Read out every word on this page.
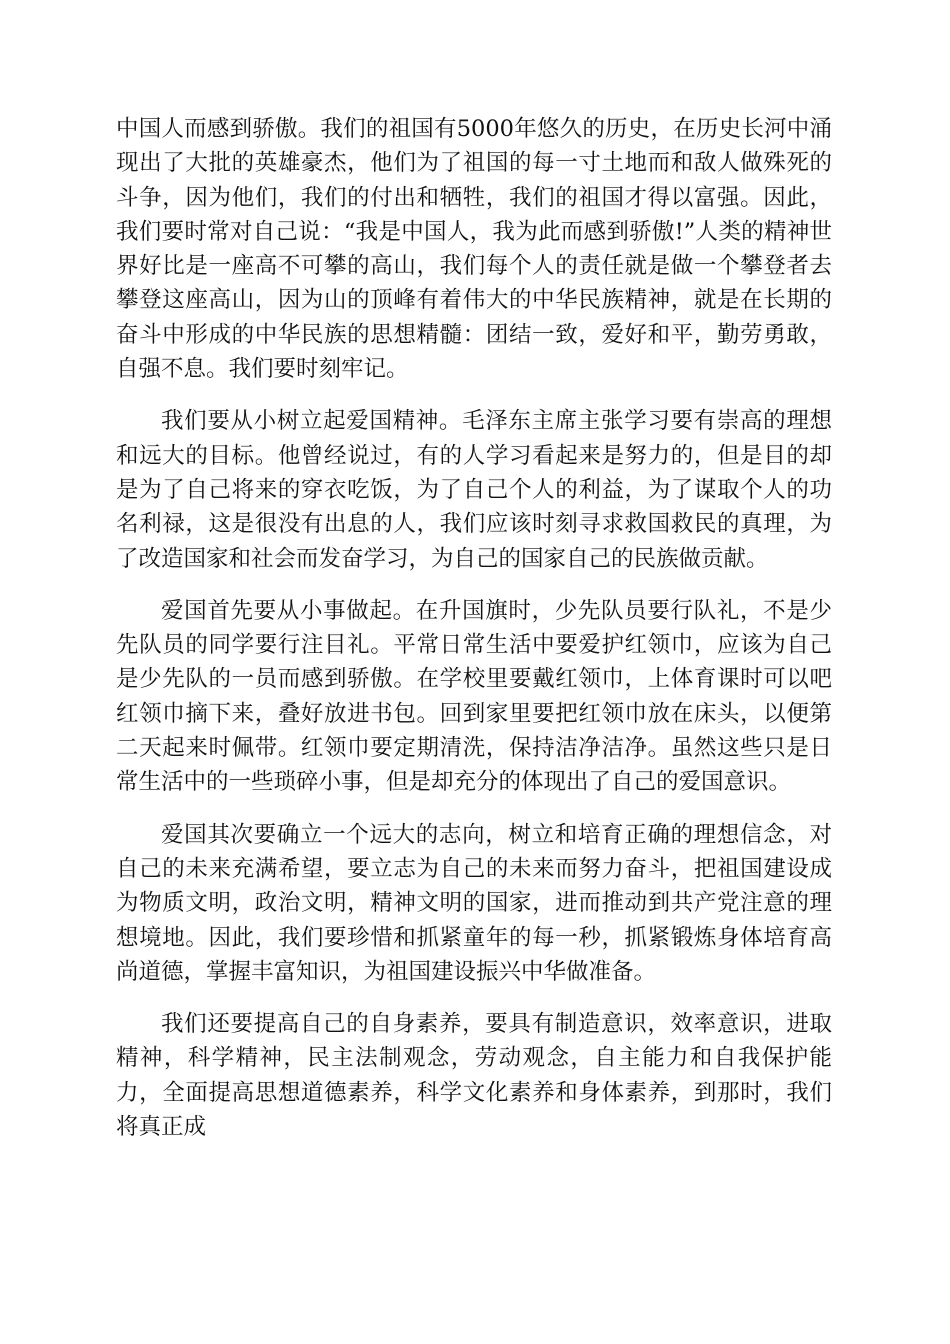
中国人而感到骄傲。我们的祖国有5000年悠久的历史，在历史长河中涌现出了大批的英雄豪杰，他们为了祖国的每一寸土地而和敌人做殊死的斗争，因为他们，我们的付出和牺牲，我们的祖国才得以富强。因此，我们要时常对自己说：“我是中国人，我为此而感到骄傲!”人类的精神世界好比是一座高不可攀的高山，我们每个人的责任就是做一个攀登者去攀登这座高山，因为山的顶峰有着伟大的中华民族精神，就是在长期的奋斗中形成的中华民族的思想精髓：团结一致，爱好和平，勤劳勇敢，自强不息。我们要时刻牢记。

我们要从小树立起爱国精神。毛泽东主席主张学习要有崇高的理想和远大的目标。他曾经说过，有的人学习看起来是努力的，但是目的却是为了自己将来的穿衣吃饭，为了自己个人的利益，为了谋取个人的功名利禄，这是很没有出息的人，我们应该时刻寻求救国救民的真理，为了改造国家和社会而发奋学习，为自己的国家自己的民族做贡献。

爱国首先要从小事做起。在升国旗时，少先队员要行队礼，不是少先队员的同学要行注目礼。平常日常生活中要爱护红领巾，应该为自己是少先队的一员而感到骄傲。在学校里要戴红领巾，上体育课时可以吧红领巾摘下来，叠好放进书包。回到家里要把红领巾放在床头，以便第二天起来时佩带。红领巾要定期清洗，保持洁净洁净。虽然这些只是日常生活中的一些琐碎小事，但是却充分的体现出了自己的爱国意识。

爱国其次要确立一个远大的志向，树立和培育正确的理想信念，对自己的未来充满希望，要立志为自己的未来而努力奋斗，把祖国建设成为物质文明，政治文明，精神文明的国家，进而推动到共产党注意的理想境地。因此，我们要珍惜和抓紧童年的每一秒，抓紧锻炼身体培育高尚道德，掌握丰富知识，为祖国建设振兴中华做准备。

我们还要提高自己的自身素养，要具有制造意识，效率意识，进取精神，科学精神，民主法制观念，劳动观念，自主能力和自我保护能力，全面提高思想道德素养，科学文化素养和身体素养，到那时，我们将真正成
